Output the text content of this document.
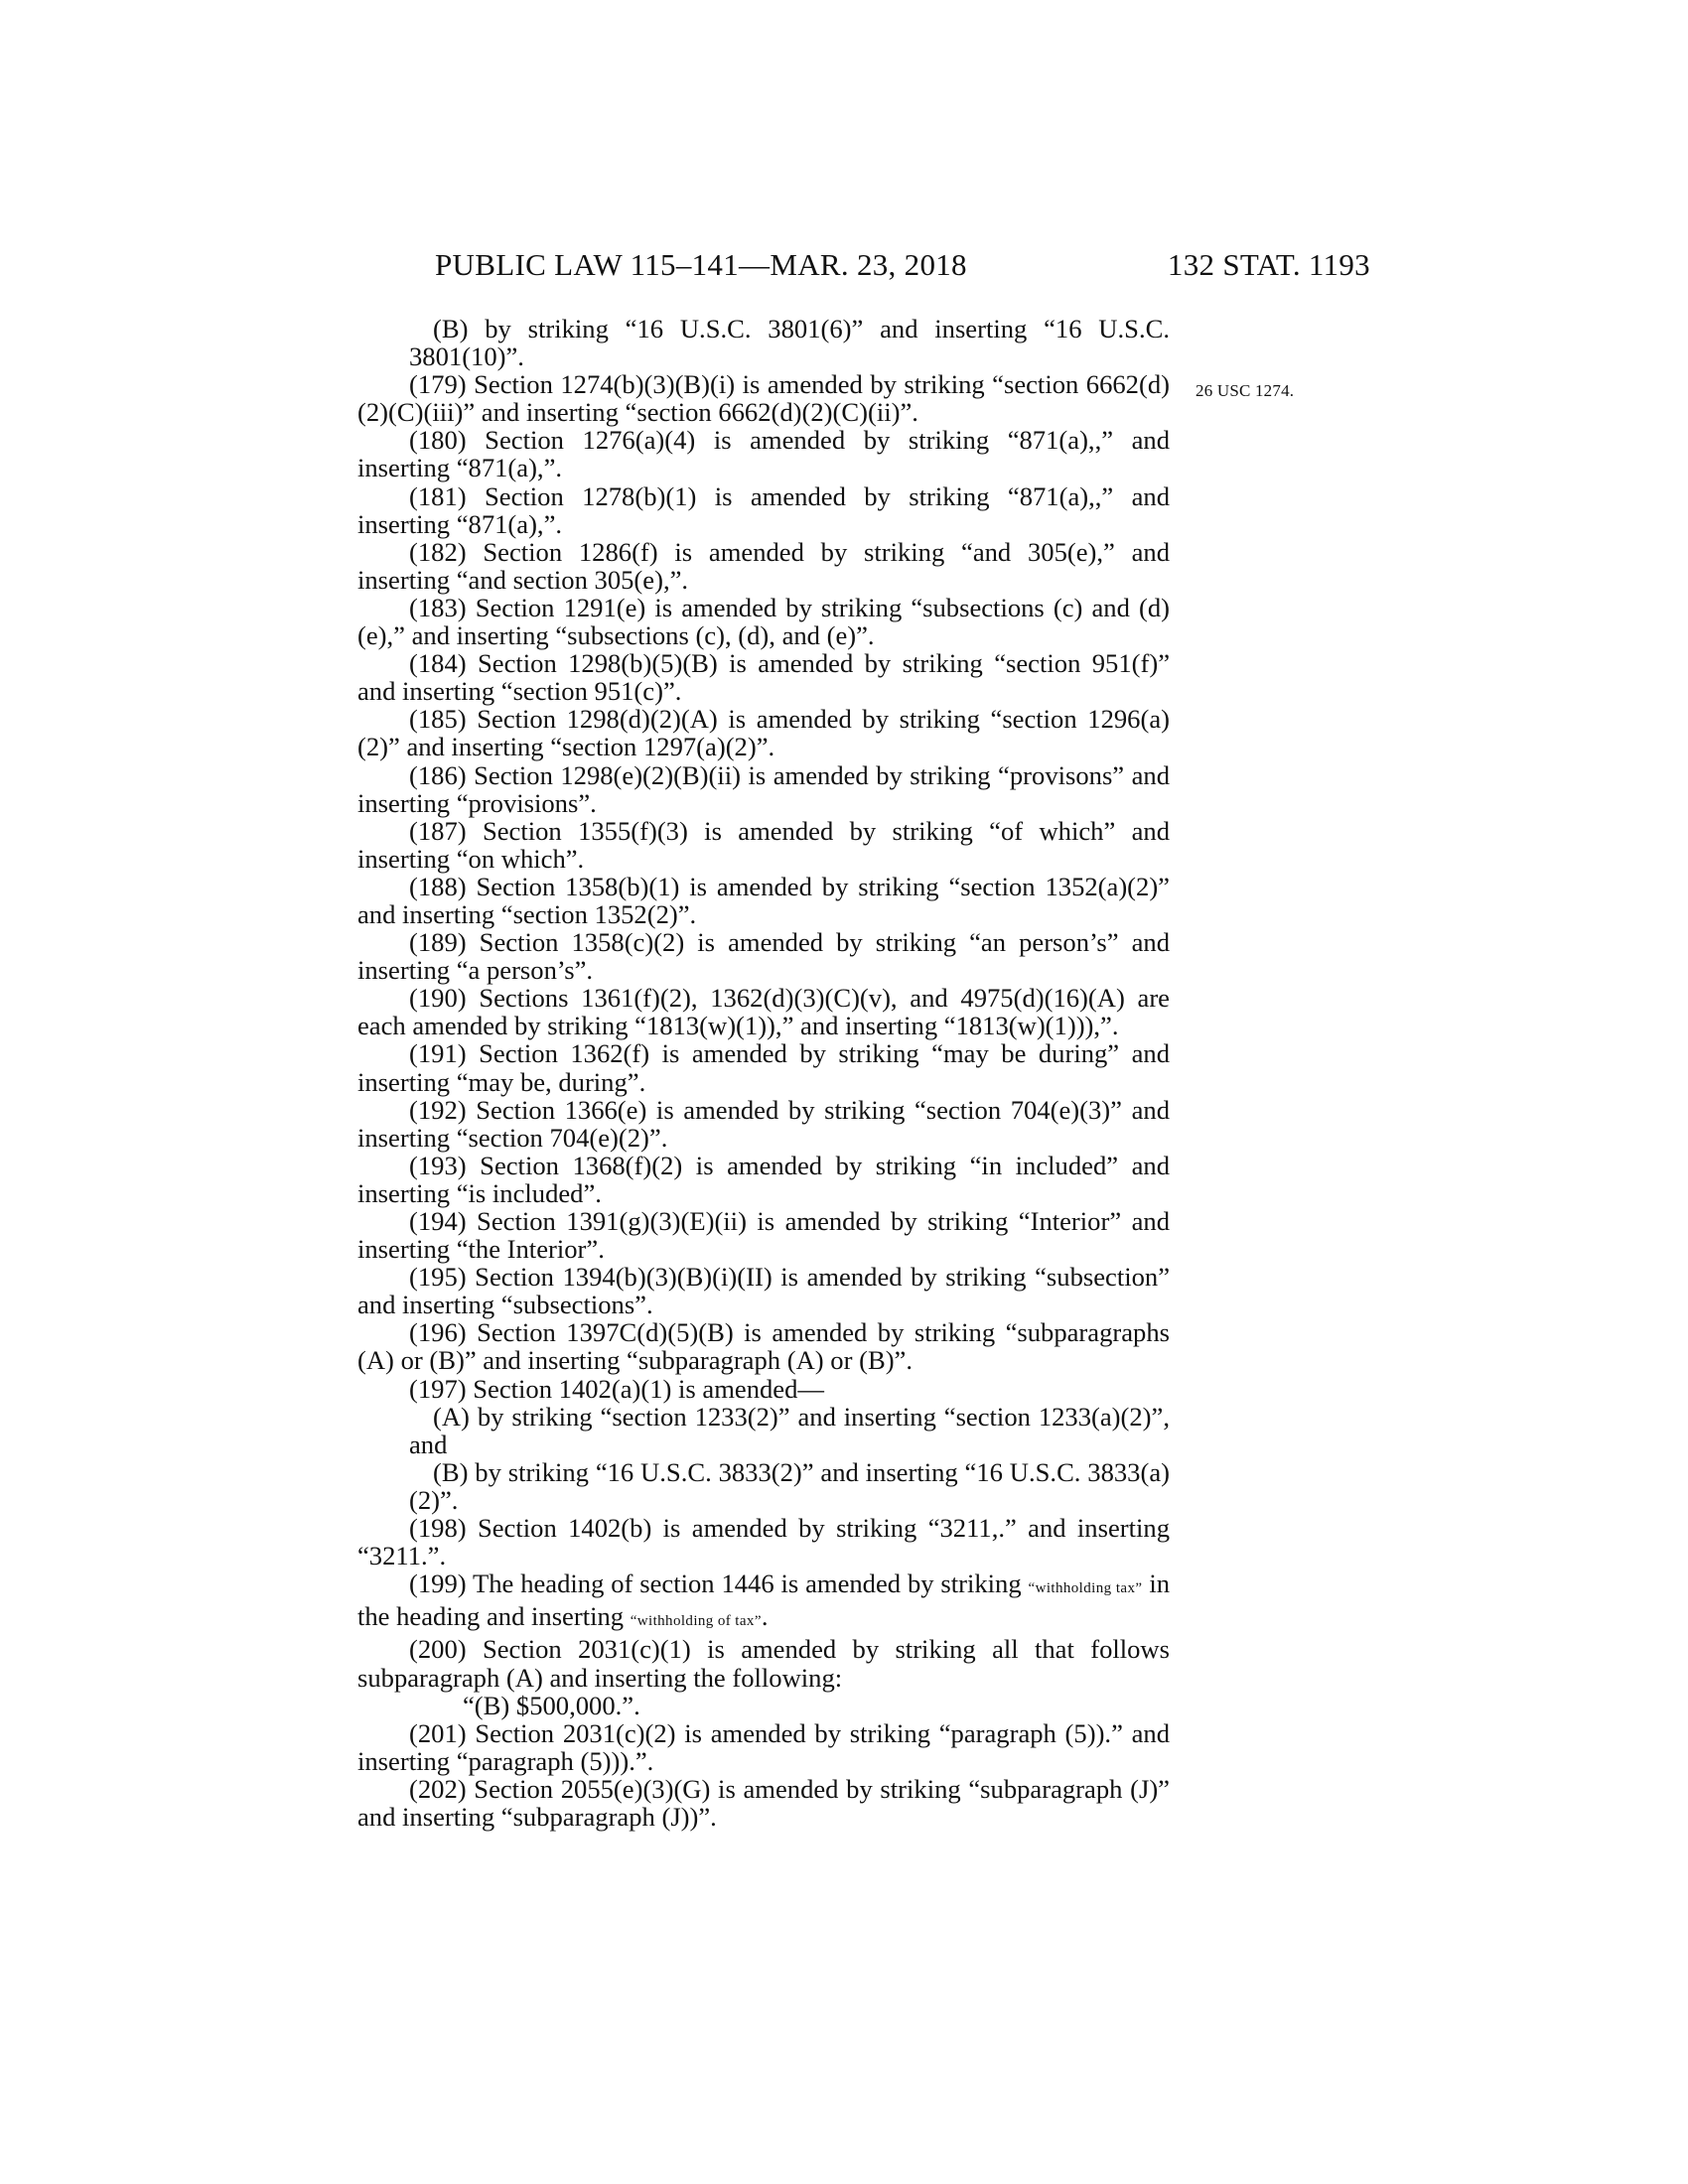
PUBLIC LAW 115–141—MAR. 23, 2018	132 STAT. 1193
26 USC 1274.

(B) by striking “16 U.S.C. 3801(6)” and inserting “16 U.S.C. 3801(10)”.

(179) Section 1274(b)(3)(B)(i) is amended by striking “section 6662(d)(2)(C)(iii)” and inserting “section 6662(d)(2)(C)(ii)”.

(180) Section 1276(a)(4) is amended by striking “871(a),,” and inserting “871(a),”.

(181) Section 1278(b)(1) is amended by striking “871(a),,” and inserting “871(a),”.

(182) Section 1286(f) is amended by striking “and 305(e),” and inserting “and section 305(e),”.

(183) Section 1291(e) is amended by striking “subsections (c) and (d) (e),” and inserting “subsections (c), (d), and (e)”.

(184) Section 1298(b)(5)(B) is amended by striking “section 951(f)” and inserting “section 951(c)”.

(185) Section 1298(d)(2)(A) is amended by striking “section 1296(a)(2)” and inserting “section 1297(a)(2)”.

(186) Section 1298(e)(2)(B)(ii) is amended by striking “provisons” and inserting “provisions”.

(187) Section 1355(f)(3) is amended by striking “of which” and inserting “on which”.

(188) Section 1358(b)(1) is amended by striking “section 1352(a)(2)” and inserting “section 1352(2)”.

(189) Section 1358(c)(2) is amended by striking “an person’s” and inserting “a person’s”.

(190) Sections 1361(f)(2), 1362(d)(3)(C)(v), and 4975(d)(16)(A) are each amended by striking “1813(w)(1)),” and inserting “1813(w)(1))),”.

(191) Section 1362(f) is amended by striking “may be during” and inserting “may be, during”.

(192) Section 1366(e) is amended by striking “section 704(e)(3)” and inserting “section 704(e)(2)”.

(193) Section 1368(f)(2) is amended by striking “in included” and inserting “is included”.

(194) Section 1391(g)(3)(E)(ii) is amended by striking “Interior” and inserting “the Interior”.

(195) Section 1394(b)(3)(B)(i)(II) is amended by striking “subsection” and inserting “subsections”.

(196) Section 1397C(d)(5)(B) is amended by striking “subparagraphs (A) or (B)” and inserting “subparagraph (A) or (B)”.

(197) Section 1402(a)(1) is amended—

(A) by striking “section 1233(2)” and inserting “section 1233(a)(2)”, and

(B) by striking “16 U.S.C. 3833(2)” and inserting “16 U.S.C. 3833(a)(2)”.

(198) Section 1402(b) is amended by striking “3211,.” and inserting “3211.”.

(199) The heading of section 1446 is amended by striking “withholding tax” in the heading and inserting “withholding of tax”.

(200) Section 2031(c)(1) is amended by striking all that follows subparagraph (A) and inserting the following:

“(B) $500,000.”.

(201) Section 2031(c)(2) is amended by striking “paragraph (5)).” and inserting “paragraph (5))).”.

(202) Section 2055(e)(3)(G) is amended by striking “subparagraph (J)” and inserting “subparagraph (J))”.
